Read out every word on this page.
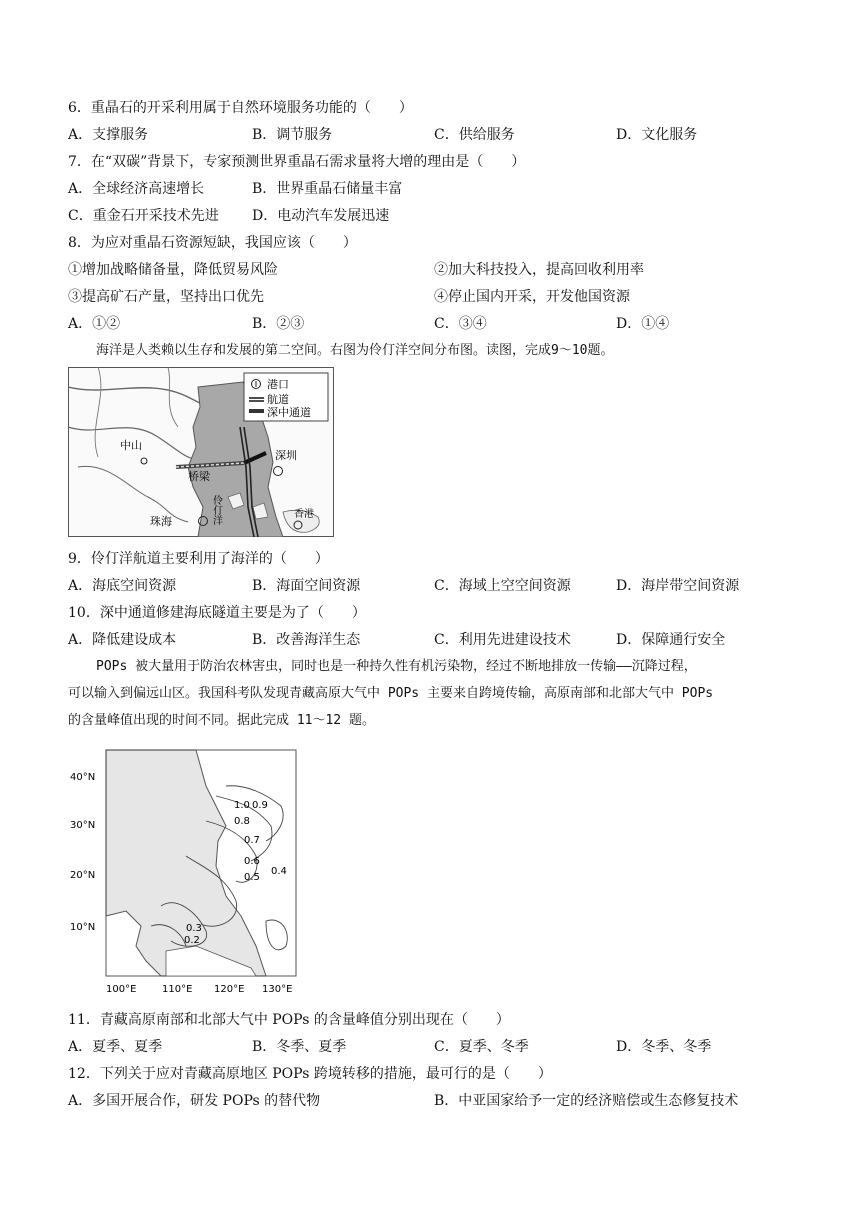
6．重晶石的开采利用属于自然环境服务功能的（　　）
A．支撑服务	B．调节服务	C．供给服务	D．文化服务
7．在“双碳”背景下，专家预测世界重晶石需求量将大增的理由是（　　）
A．全球经济高速增长	B．世界重晶石储量丰富
C．重金石开采技术先进 D．电动汽车发展迅速
8．为应对重晶石资源短缺，我国应该（　　）
①增加战略储备量，降低贸易风险	②加大科技投入，提高回收利用率
③提高矿石产量，坚持出口优先	④停止国内开采，开发他国资源
A．①②	B．②③	C．③④	D．①④
海洋是人类赖以生存和发展的第二空间。右图为伶仃洋空间分布图。读图，完成9～10题。
港口
航道
深中通道
中山
珠海
深圳
桥梁
伶仃洋	香港
9．伶仃洋航道主要利用了海洋的（　　）
A．海底空间资源	B．海面空间资源	C．海域上空空间资源	D．海岸带空间资源
10．深中通道修建海底隧道主要是为了（　　）
A．降低建设成本	B．改善海洋生态	C．利用先进建设技术	D．保障通行安全
POPs 被大量用于防治农林害虫，同时也是一种持久性有机污染物，经过不断地排放一传输——沉降过程，
可以输入到偏远山区。我国科考队发现青藏高原大气中 POPs 主要来自跨境传输，高原南部和北部大气中 POPs
的含量峰值出现的时间不同。据此完成 11～12 题。
1.0 0.9
0.8
0.7
0.6
0.5
0.4
0.3
0.2
40°N
30°N
20°N
10°N
100°E	110°E 120°E 130°E
11．青藏高原南部和北部大气中 POPs 的含量峰值分别出现在（　　）
A．夏季、夏季	B．冬季、夏季	C．夏季、冬季	D．冬季、冬季
12．下列关于应对青藏高原地区 POPs 跨境转移的措施，最可行的是（　　）
A．多国开展合作，研发 POPs 的替代物	B．中亚国家给予一定的经济赔偿或生态修复技术
